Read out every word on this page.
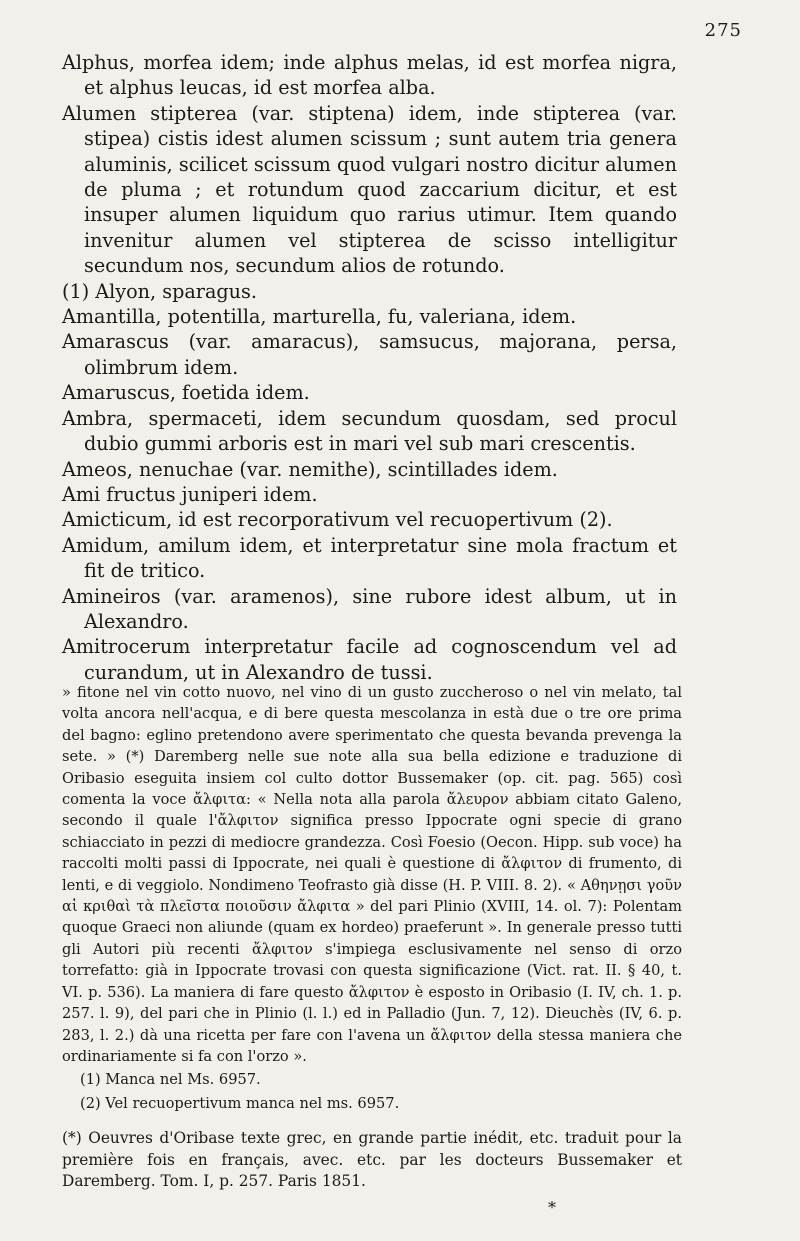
275

Alphus, morfea idem; inde alphus melas, id est morfea nigra, et alphus leucas, id est morfea alba.

Alumen stipterea (var. stiptena) idem, inde stipterea (var. stipea) cistis idest alumen scissum ; sunt autem tria genera aluminis, scilicet scissum quod vulgari nostro dicitur alumen de pluma ; et rotundum quod zaccarium dicitur, et est insuper alumen liquidum quo rarius utimur. Item quando invenitur alumen vel stipterea de scisso intelligitur secundum nos, secundum alios de rotundo.

(1) Alyon, sparagus.

Amantilla, potentilla, marturella, fu, valeriana, idem.

Amarascus (var. amaracus), samsucus, majorana, persa, olimbrum idem.

Amaruscus, foetida idem.

Ambra, spermaceti, idem secundum quosdam, sed procul dubio gummi arboris est in mari vel sub mari crescentis.

Ameos, nenuchae (var. nemithe), scintillades idem.

Ami fructus juniperi idem.

Amicticum, id est recorporativum vel recuopertivum (2).

Amidum, amilum idem, et interpretatur sine mola fractum et fit de tritico.

Amineiros (var. aramenos), sine rubore idest album, ut in Alexandro.

Amitrocerum interpretatur facile ad cognoscendum vel ad curandum, ut in Alexandro de tussi.

» fitone nel vin cotto nuovo, nel vino di un gusto zuccheroso o nel vin melato, tal volta ancora nell'acqua, e di bere questa mescolanza in està due o tre ore prima del bagno: eglino pretendono avere sperimentato che questa bevanda prevenga la sete. » (*) Daremberg nelle sue note alla sua bella edizione e traduzione di Oribasio eseguita insiem col culto dottor Bussemaker (op. cit. pag. 565) così comenta la voce ἄλφιτα: « Nella nota alla parola ἄλευρον abbiam citato Galeno, secondo il quale l'ἄλφιτον significa presso Ippocrate ogni specie di grano schiacciato in pezzi di mediocre grandezza. Così Foesio (Oecon. Hipp. sub voce) ha raccolti molti passi di Ippocrate, nei quali è questione di ἄλφιτον di frumento, di lenti, e di veggiolo. Nondimeno Teofrasto già disse (H. P. VIII. 8. 2). « Αθηνῃσι γοῦν αἱ κριθαὶ τὰ πλεῖστα ποιοῦσιν ἄλφιτα » del pari Plinio (XVIII, 14. ol. 7): Polentam quoque Graeci non aliunde (quam ex hordeo) praeferunt ». In generale presso tutti gli Autori più recenti ἄλφιτον s'impiega esclusivamente nel senso di orzo torrefatto: già in Ippocrate trovasi con questa significazione (Vict. rat. II. § 40, t. VI. p. 536). La maniera di fare questo ἄλφιτον è esposto in Oribasio (I. IV, ch. 1. p. 257. l. 9), del pari che in Plinio (l. l.) ed in Palladio (Jun. 7, 12). Dieuchès (IV, 6. p. 283, l. 2.) dà una ricetta per fare con l'avena un ἄλφιτον della stessa maniera che ordinariamente si fa con l'orzo ».

(1) Manca nel Ms. 6957.

(2) Vel recuopertivum manca nel ms. 6957.

(*) Oeuvres d'Oribase texte grec, en grande partie inédit, etc. traduit pour la première fois en français, avec. etc. par les docteurs Bussemaker et Daremberg. Tom. I, p. 257. Paris 1851.

*
